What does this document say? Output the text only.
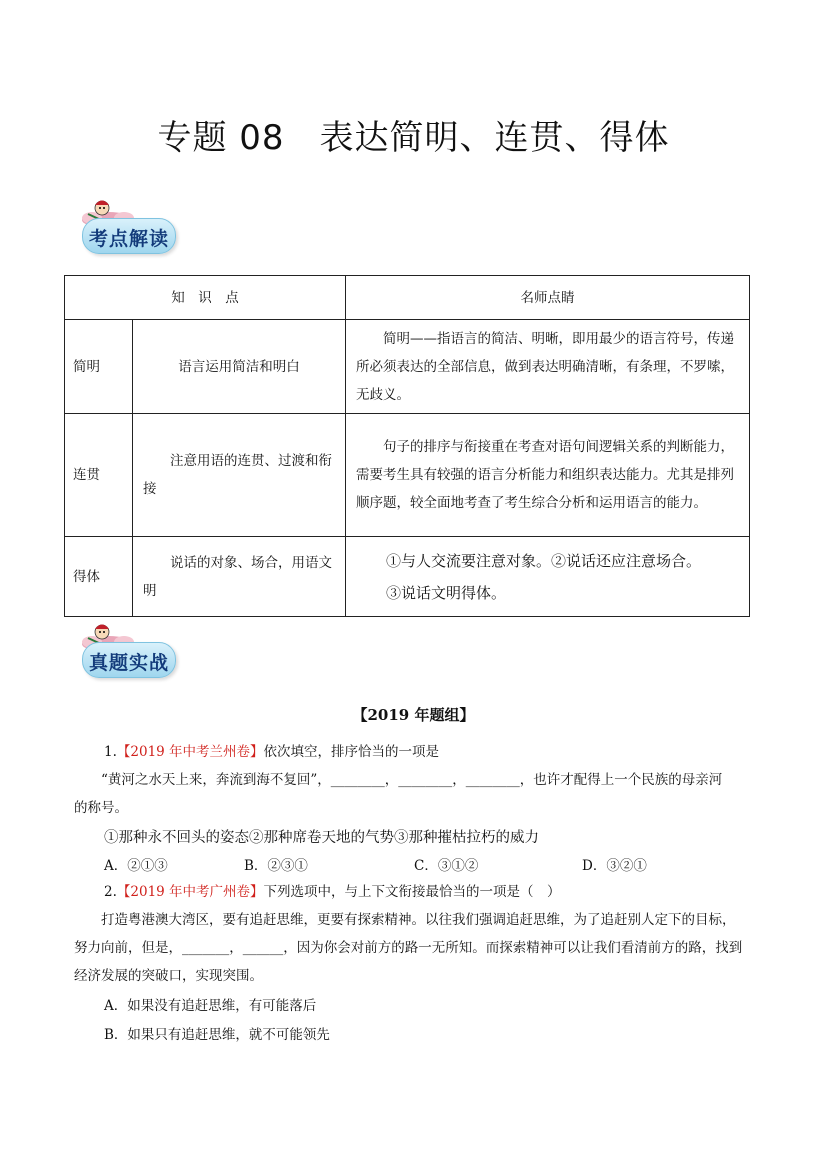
专题 08　表达简明、连贯、得体
考点解读
知　识　点		名师点睛
简明	语言运用简洁和明白	简明——指语言的简洁、明晰，即用最少的语言符号，传递所必须表达的全部信息，做到表达明确清晰，有条理，不罗嗦，无歧义。
连贯	注意用语的连贯、过渡和衔接	句子的排序与衔接重在考查对语句间逻辑关系的判断能力，需要考生具有较强的语言分析能力和组织表达能力。尤其是排列顺序题，较全面地考查了考生综合分析和运用语言的能力。
得体	说话的对象、场合，用语文明	①与人交流要注意对象。②说话还应注意场合。
③说话文明得体。
真题实战
【2019 年题组】
1.【2019 年中考兰州卷】依次填空，排序恰当的一项是
“黄河之水天上来，奔流到海不复回”，________，________，________，也许才配得上一个民族的母亲河的称号。
①那种永不回头的姿态②那种席卷天地的气势③那种摧枯拉朽的威力
A．②①③	B．②③①	C．③①②	D．③②①
2.【2019 年中考广州卷】下列选项中，与上下文衔接最恰当的一项是（　）
打造粤港澳大湾区，要有追赶思维，更要有探索精神。以往我们强调追赶思维，为了追赶别人定下的目标，努力向前，但是，_______，______，因为你会对前方的路一无所知。而探索精神可以让我们看清前方的路，找到经济发展的突破口，实现突围。
A．如果没有追赶思维，有可能落后
B．如果只有追赶思维，就不可能领先
